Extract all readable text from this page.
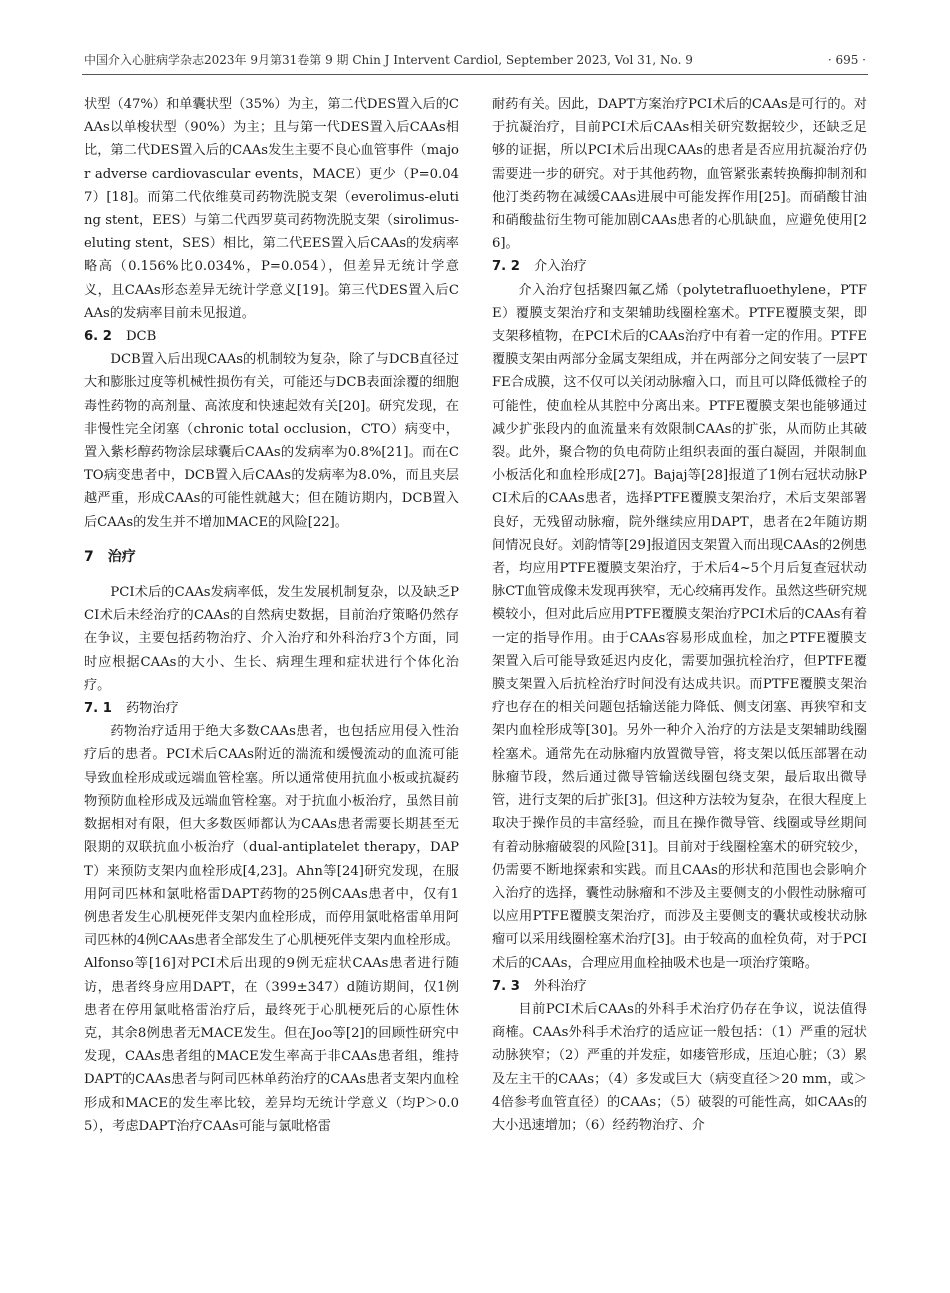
中国介入心脏病学杂志2023年 9月第31卷第 9 期 Chin J Intervent Cardiol, September 2023, Vol 31, No. 9	· 695 ·

状型（47%）和单囊状型（35%）为主，第二代DES置入后的CAAs以单梭状型（90%）为主；且与第一代DES置入后CAAs相比，第二代DES置入后的CAAs发生主要不良心血管事件（major adverse cardiovascular events，MACE）更少（P=0.047）[18]。而第二代依维莫司药物洗脱支架（everolimus-eluting stent，EES）与第二代西罗莫司药物洗脱支架（sirolimus-eluting stent，SES）相比，第二代EES置入后CAAs的发病率略高（0.156%比0.034%，P=0.054），但差异无统计学意义，且CAAs形态差异无统计学意义[19]。第三代DES置入后CAAs的发病率目前未见报道。

6. 2 DCB

DCB置入后出现CAAs的机制较为复杂，除了与DCB直径过大和膨胀过度等机械性损伤有关，可能还与DCB表面涂覆的细胞毒性药物的高剂量、高浓度和快速起效有关[20]。研究发现，在非慢性完全闭塞（chronic total occlusion，CTO）病变中，置入紫杉醇药物涂层球囊后CAAs的发病率为0.8%[21]。而在CTO病变患者中，DCB置入后CAAs的发病率为8.0%，而且夹层越严重，形成CAAs的可能性就越大；但在随访期内，DCB置入后CAAs的发生并不增加MACE的风险[22]。

7 治疗

PCI术后的CAAs发病率低，发生发展机制复杂，以及缺乏PCI术后未经治疗的CAAs的自然病史数据，目前治疗策略仍然存在争议，主要包括药物治疗、介入治疗和外科治疗3个方面，同时应根据CAAs的大小、生长、病理生理和症状进行个体化治疗。

7. 1 药物治疗

药物治疗适用于绝大多数CAAs患者，也包括应用侵入性治疗后的患者。PCI术后CAAs附近的湍流和缓慢流动的血流可能导致血栓形成或远端血管栓塞。所以通常使用抗血小板或抗凝药物预防血栓形成及远端血管栓塞。对于抗血小板治疗，虽然目前数据相对有限，但大多数医师都认为CAAs患者需要长期甚至无限期的双联抗血小板治疗（dual-antiplatelet therapy，DAPT）来预防支架内血栓形成[4,23]。Ahn等[24]研究发现，在服用阿司匹林和氯吡格雷DAPT药物的25例CAAs患者中，仅有1例患者发生心肌梗死伴支架内血栓形成，而停用氯吡格雷单用阿司匹林的4例CAAs患者全部发生了心肌梗死伴支架内血栓形成。Alfonso等[16]对PCI术后出现的9例无症状CAAs患者进行随访，患者终身应用DAPT，在（399±347）d随访期间，仅1例患者在停用氯吡格雷治疗后，最终死于心肌梗死后的心原性休克，其余8例患者无MACE发生。但在Joo等[2]的回顾性研究中发现，CAAs患者组的MACE发生率高于非CAAs患者组，维持DAPT的CAAs患者与阿司匹林单药治疗的CAAs患者支架内血栓形成和MACE的发生率比较，差异均无统计学意义（均P＞0.05），考虑DAPT治疗CAAs可能与氯吡格雷

耐药有关。因此，DAPT方案治疗PCI术后的CAAs是可行的。对于抗凝治疗，目前PCI术后CAAs相关研究数据较少，还缺乏足够的证据，所以PCI术后出现CAAs的患者是否应用抗凝治疗仍需要进一步的研究。对于其他药物，血管紧张素转换酶抑制剂和他汀类药物在减缓CAAs进展中可能发挥作用[25]。而硝酸甘油和硝酸盐衍生物可能加剧CAAs患者的心肌缺血，应避免使用[26]。

7. 2 介入治疗

介入治疗包括聚四氟乙烯（polytetrafluoethylene，PTFE）覆膜支架治疗和支架辅助线圈栓塞术。PTFE覆膜支架，即支架移植物，在PCI术后的CAAs治疗中有着一定的作用。PTFE覆膜支架由两部分金属支架组成，并在两部分之间安装了一层PTFE合成膜，这不仅可以关闭动脉瘤入口，而且可以降低微栓子的可能性，使血栓从其腔中分离出来。PTFE覆膜支架也能够通过减少扩张段内的血流量来有效限制CAAs的扩张，从而防止其破裂。此外，聚合物的负电荷防止组织表面的蛋白凝固，并限制血小板活化和血栓形成[27]。Bajaj等[28]报道了1例右冠状动脉PCI术后的CAAs患者，选择PTFE覆膜支架治疗，术后支架部署良好，无残留动脉瘤，院外继续应用DAPT，患者在2年随访期间情况良好。刘韵情等[29]报道因支架置入而出现CAAs的2例患者，均应用PTFE覆膜支架治疗，于术后4~5个月后复查冠状动脉CT血管成像未发现再狭窄，无心绞痛再发作。虽然这些研究规模较小，但对此后应用PTFE覆膜支架治疗PCI术后的CAAs有着一定的指导作用。由于CAAs容易形成血栓，加之PTFE覆膜支架置入后可能导致延迟内皮化，需要加强抗栓治疗，但PTFE覆膜支架置入后抗栓治疗时间没有达成共识。而PTFE覆膜支架治疗也存在的相关问题包括输送能力降低、侧支闭塞、再狭窄和支架内血栓形成等[30]。另外一种介入治疗的方法是支架辅助线圈栓塞术。通常先在动脉瘤内放置微导管，将支架以低压部署在动脉瘤节段，然后通过微导管输送线圈包绕支架，最后取出微导管，进行支架的后扩张[3]。但这种方法较为复杂，在很大程度上取决于操作员的丰富经验，而且在操作微导管、线圈或导丝期间有着动脉瘤破裂的风险[31]。目前对于线圈栓塞术的研究较少，仍需要不断地探索和实践。而且CAAs的形状和范围也会影响介入治疗的选择，囊性动脉瘤和不涉及主要侧支的小假性动脉瘤可以应用PTFE覆膜支架治疗，而涉及主要侧支的囊状或梭状动脉瘤可以采用线圈栓塞术治疗[3]。由于较高的血栓负荷，对于PCI术后的CAAs，合理应用血栓抽吸术也是一项治疗策略。

7. 3 外科治疗

目前PCI术后CAAs的外科手术治疗仍存在争议，说法值得商榷。CAAs外科手术治疗的适应证一般包括：（1）严重的冠状动脉狭窄；（2）严重的并发症，如瘘管形成，压迫心脏；（3）累及左主干的CAAs；（4）多发或巨大（病变直径＞20 mm，或＞4倍参考血管直径）的CAAs；（5）破裂的可能性高，如CAAs的大小迅速增加；（6）经药物治疗、介
